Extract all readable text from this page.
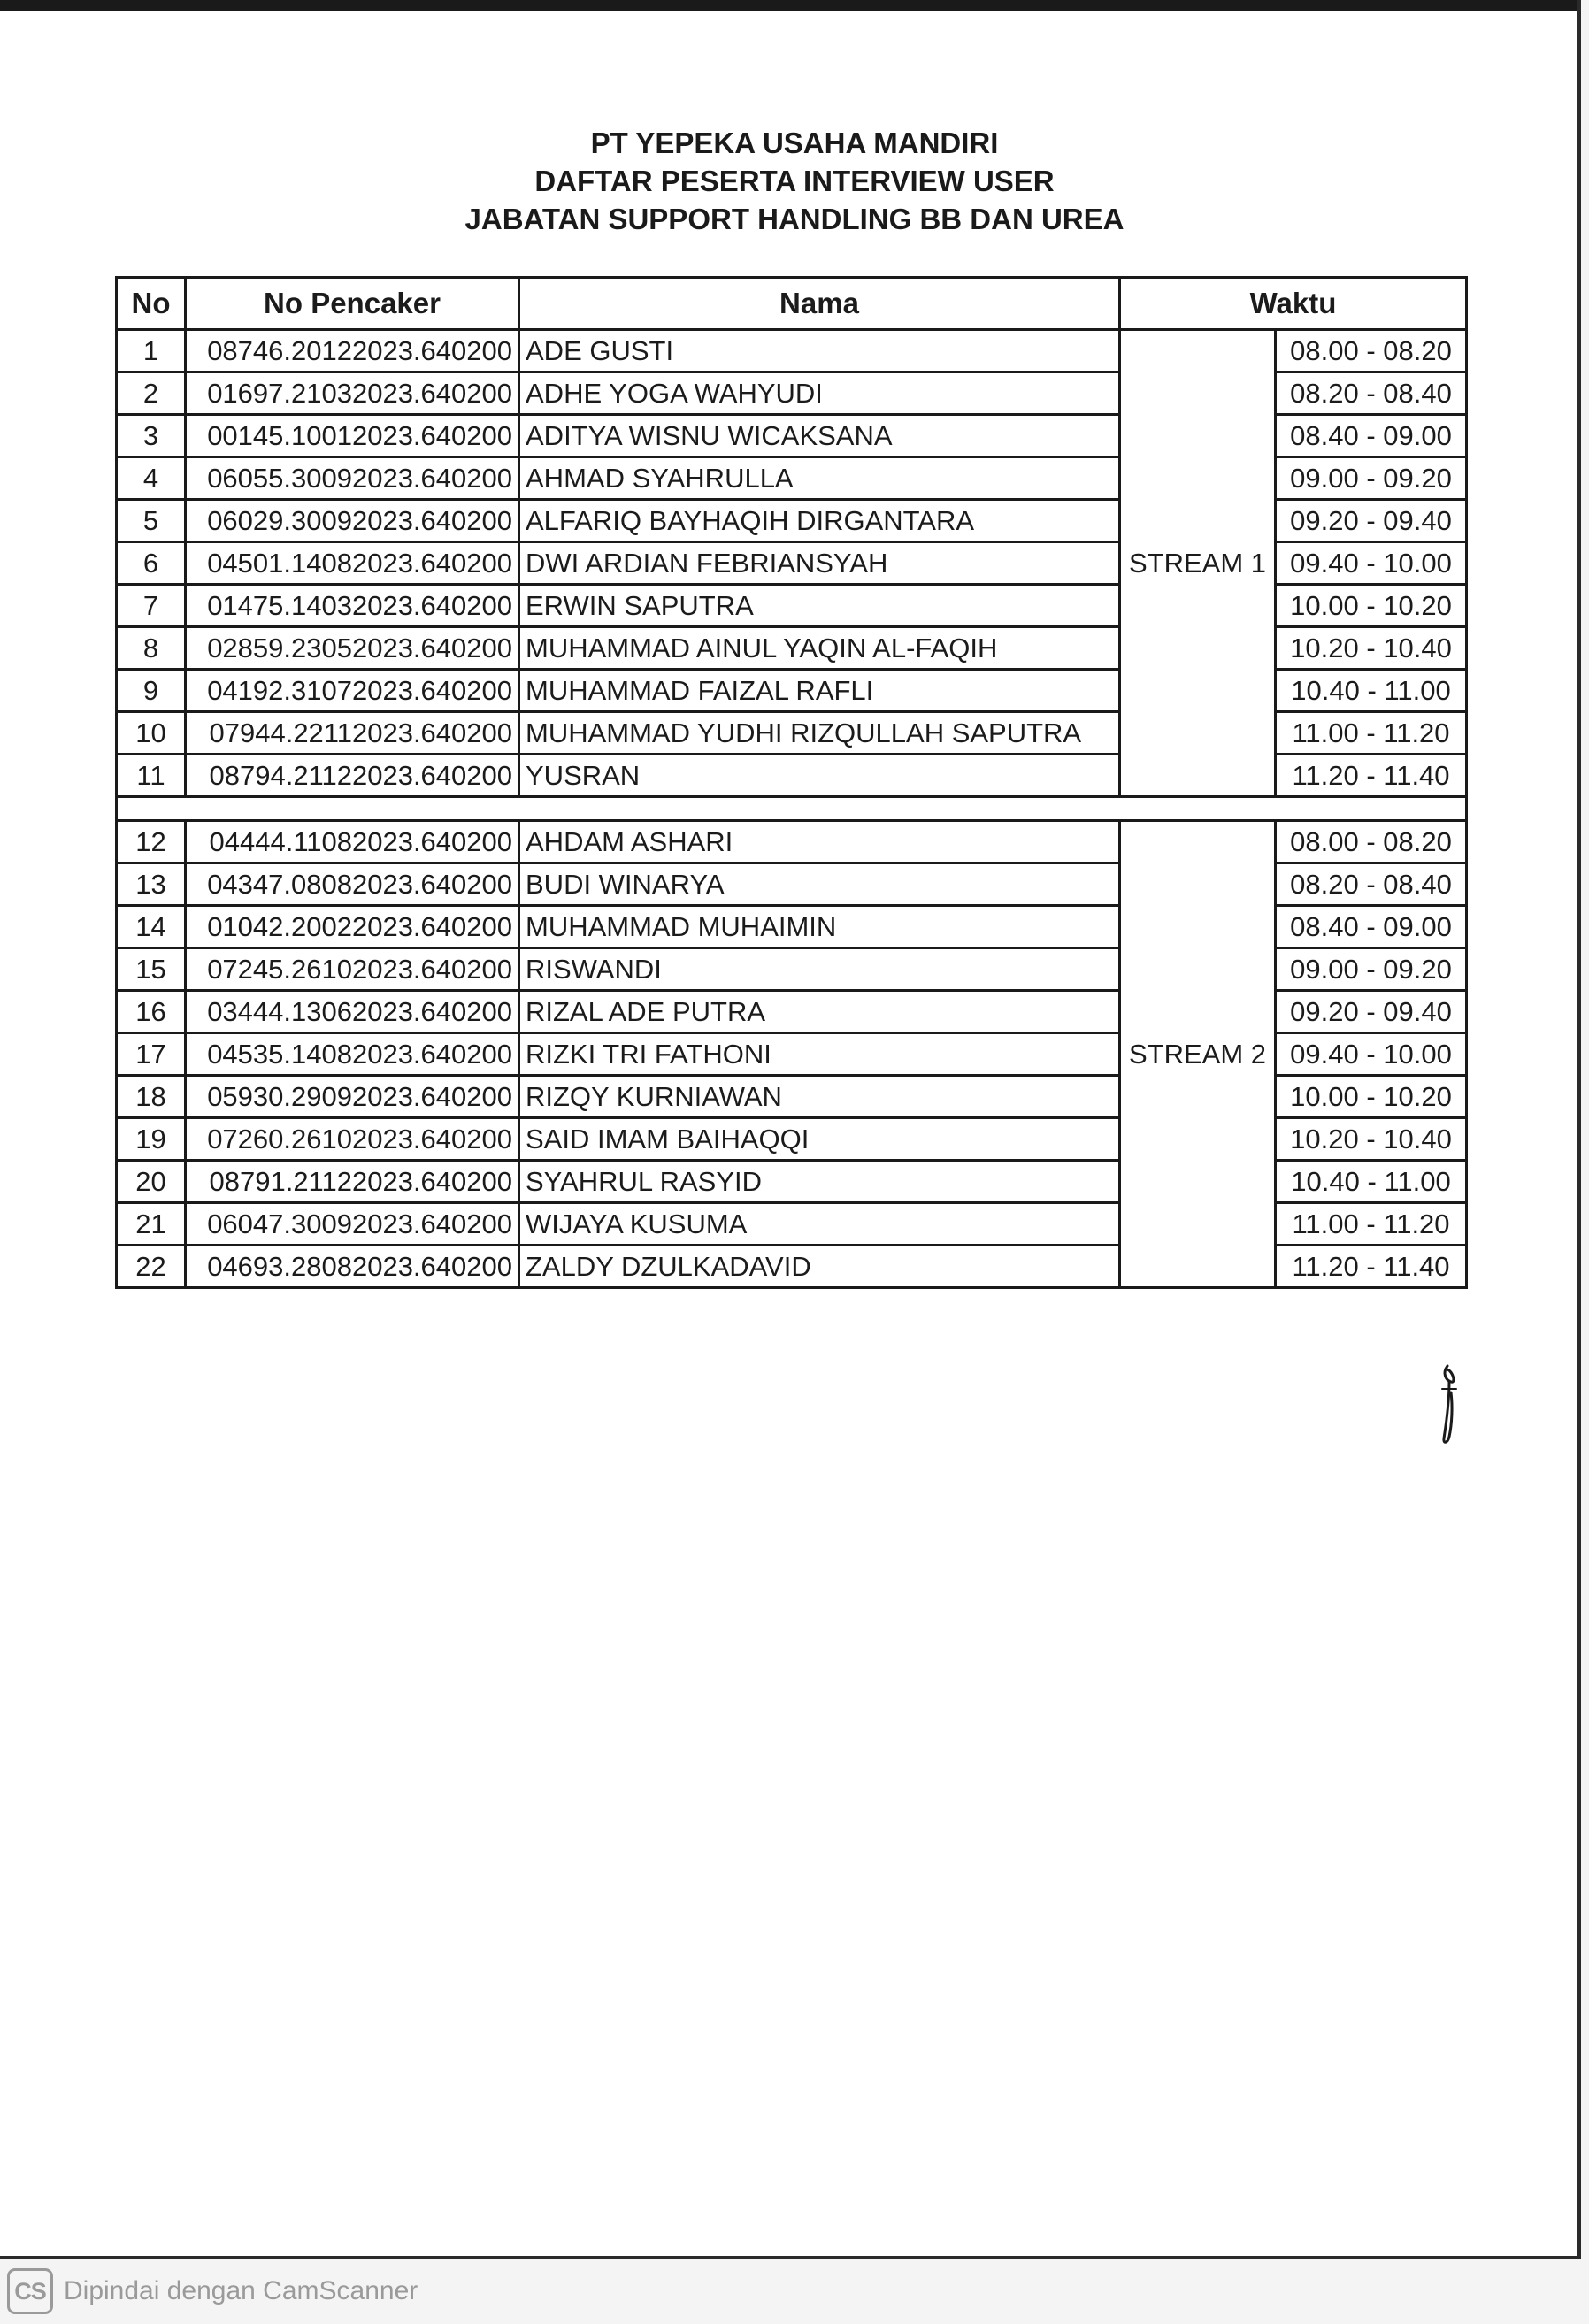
PT YEPEKA USAHA MANDIRI
DAFTAR PESERTA INTERVIEW USER
JABATAN SUPPORT HANDLING BB DAN UREA
No	No Pencaker	Nama	Waktu	
1	08746.20122023.640200	ADE GUSTI	STREAM 1	08.00 - 08.20
2	01697.21032023.640200	ADHE YOGA WAHYUDI		08.20 - 08.40
3	00145.10012023.640200	ADITYA WISNU WICAKSANA		08.40 - 09.00
4	06055.30092023.640200	AHMAD SYAHRULLA		09.00 - 09.20
5	06029.30092023.640200	ALFARIQ BAYHAQIH DIRGANTARA		09.20 - 09.40
6	04501.14082023.640200	DWI ARDIAN FEBRIANSYAH		09.40 - 10.00
7	01475.14032023.640200	ERWIN SAPUTRA		10.00 - 10.20
8	02859.23052023.640200	MUHAMMAD AINUL YAQIN AL-FAQIH		10.20 - 10.40
9	04192.31072023.640200	MUHAMMAD FAIZAL RAFLI		10.40 - 11.00
10	07944.22112023.640200	MUHAMMAD YUDHI RIZQULLAH SAPUTRA		11.00 - 11.20
11	08794.21122023.640200	YUSRAN		11.20 - 11.40

12	04444.11082023.640200	AHDAM ASHARI	STREAM 2	08.00 - 08.20
13	04347.08082023.640200	BUDI WINARYA		08.20 - 08.40
14	01042.20022023.640200	MUHAMMAD MUHAIMIN		08.40 - 09.00
15	07245.26102023.640200	RISWANDI		09.00 - 09.20
16	03444.13062023.640200	RIZAL ADE PUTRA		09.20 - 09.40
17	04535.14082023.640200	RIZKI TRI FATHONI		09.40 - 10.00
18	05930.29092023.640200	RIZQY KURNIAWAN		10.00 - 10.20
19	07260.26102023.640200	SAID IMAM BAIHAQQI		10.20 - 10.40
20	08791.21122023.640200	SYAHRUL RASYID		10.40 - 11.00
21	06047.30092023.640200	WIJAYA KUSUMA		11.00 - 11.20
22	04693.28082023.640200	ZALDY DZULKADAVID		11.20 - 11.40
CS Dipindai dengan CamScanner
